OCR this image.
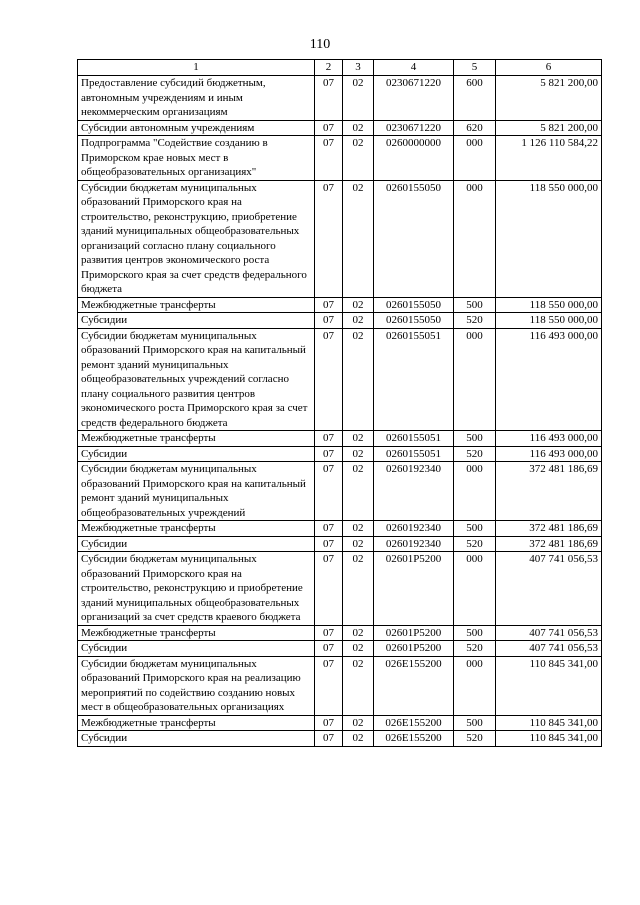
110
1	2	3	4	5	6
Предоставление субсидий бюджетным, автономным учреждениям и иным некоммерческим организациям	07	02	0230671220	600	5 821 200,00
Субсидии автономным учреждениям	07	02	0230671220	620	5 821 200,00
Подпрограмма "Содействие созданию в Приморском крае новых мест в общеобразовательных организациях"	07	02	0260000000	000	1 126 110 584,22
Субсидии бюджетам муниципальных образований Приморского края на строительство, реконструкцию, приобретение зданий муниципальных общеобразовательных организаций согласно плану социального развития центров экономического роста Приморского края за счет средств федерального бюджета	07	02	0260155050	000	118 550 000,00
Межбюджетные трансферты	07	02	0260155050	500	118 550 000,00
Субсидии	07	02	0260155050	520	118 550 000,00
Субсидии бюджетам муниципальных образований Приморского края на капитальный ремонт зданий муниципальных общеобразовательных учреждений согласно плану социального развития центров экономического роста Приморского края за счет средств федерального бюджета	07	02	0260155051	000	116 493 000,00
Межбюджетные трансферты	07	02	0260155051	500	116 493 000,00
Субсидии	07	02	0260155051	520	116 493 000,00
Субсидии бюджетам муниципальных образований Приморского края на капитальный ремонт зданий муниципальных общеобразовательных учреждений	07	02	0260192340	000	372 481 186,69
Межбюджетные трансферты	07	02	0260192340	500	372 481 186,69
Субсидии	07	02	0260192340	520	372 481 186,69
Субсидии бюджетам муниципальных образований Приморского края на строительство, реконструкцию и приобретение зданий муниципальных общеобразовательных организаций за счет средств краевого бюджета	07	02	02601P5200	000	407 741 056,53
Межбюджетные трансферты	07	02	02601P5200	500	407 741 056,53
Субсидии	07	02	02601P5200	520	407 741 056,53
Субсидии бюджетам муниципальных образований Приморского края на реализацию мероприятий по содействию созданию новых мест в общеобразовательных организациях	07	02	026E155200	000	110 845 341,00
Межбюджетные трансферты	07	02	026E155200	500	110 845 341,00
Субсидии	07	02	026E155200	520	110 845 341,00
